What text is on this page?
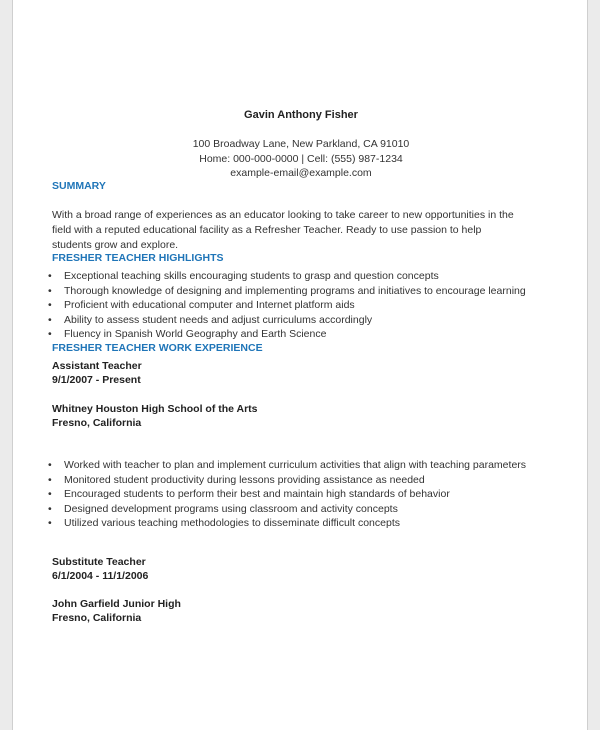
Gavin Anthony Fisher

100 Broadway Lane, New Parkland, CA 91010

Home: 000-000-0000 | Cell: (555) 987-1234

example-email@example.com

SUMMARY

With a broad range of experiences as an educator looking to take career to new opportunities in the field with a reputed educational facility as a Refresher Teacher. Ready to use passion to help students grow and explore.

FRESHER TEACHER HIGHLIGHTS

• Exceptional teaching skills encouraging students to grasp and question concepts
• Thorough knowledge of designing and implementing programs and initiatives to encourage learning
• Proficient with educational computer and Internet platform aids
• Ability to assess student needs and adjust curriculums accordingly
• Fluency in Spanish World Geography and Earth Science

FRESHER TEACHER WORK EXPERIENCE

Assistant Teacher

9/1/2007 - Present

Whitney Houston High School of the Arts

Fresno, California

• Worked with teacher to plan and implement curriculum activities that align with teaching parameters
• Monitored student productivity during lessons providing assistance as needed
• Encouraged students to perform their best and maintain high standards of behavior
• Designed development programs using classroom and activity concepts
• Utilized various teaching methodologies to disseminate difficult concepts

Substitute Teacher

6/1/2004 - 11/1/2006

John Garfield Junior High

Fresno, California
